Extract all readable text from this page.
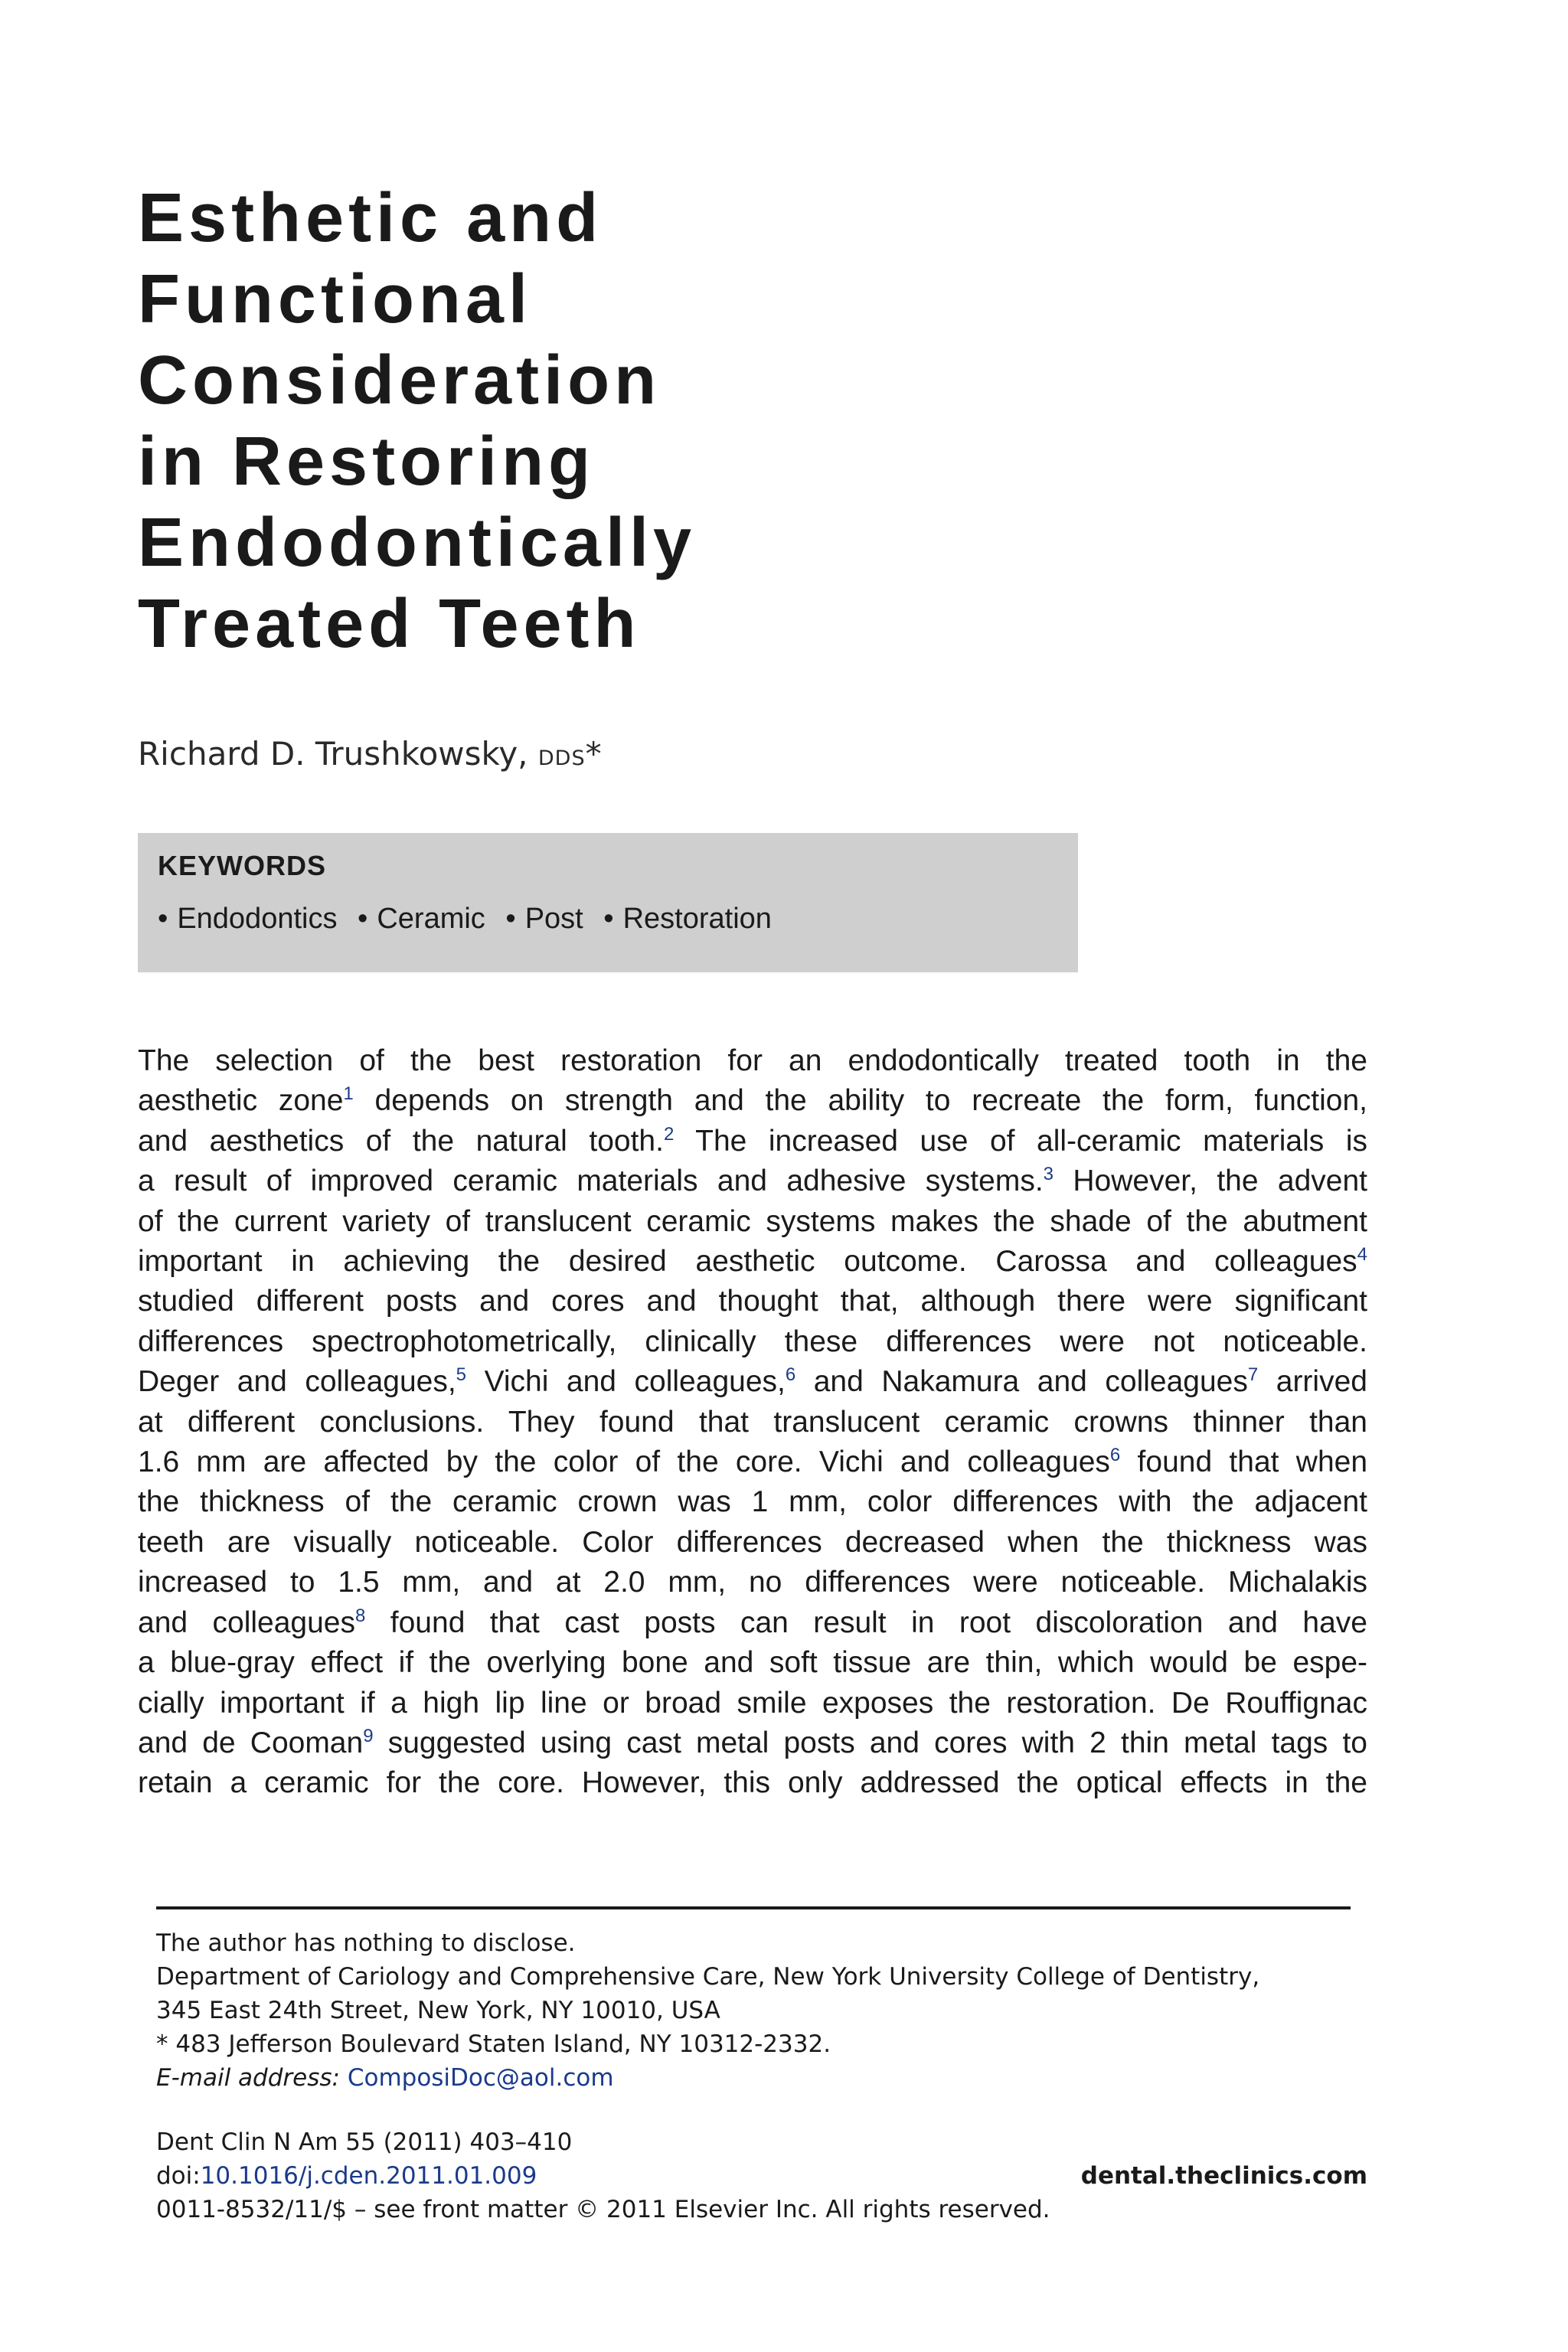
Esthetic and
Functional
Consideration
in Restoring
Endodontically
Treated Teeth
Richard D. Trushkowsky, DDS*
KEYWORDS
• Endodontics • Ceramic • Post • Restoration
The selection of the best restoration for an endodontically treated tooth in the
aesthetic zone$^1$ depends on strength and the ability to recreate the form, function,
and aesthetics of the natural tooth.$^2$ The increased use of all-ceramic materials is
a result of improved ceramic materials and adhesive systems.$^3$ However, the advent
of the current variety of translucent ceramic systems makes the shade of the abutment
important in achieving the desired aesthetic outcome. Carossa and colleagues$^4$
studied different posts and cores and thought that, although there were significant
differences spectrophotometrically, clinically these differences were not noticeable.
Deger and colleagues,$^5$ Vichi and colleagues,$^6$ and Nakamura and colleagues$^7$ arrived
at different conclusions. They found that translucent ceramic crowns thinner than
1.6 mm are affected by the color of the core. Vichi and colleagues$^6$ found that when
the thickness of the ceramic crown was 1 mm, color differences with the adjacent
teeth are visually noticeable. Color differences decreased when the thickness was
increased to 1.5 mm, and at 2.0 mm, no differences were noticeable. Michalakis
and colleagues$^8$ found that cast posts can result in root discoloration and have
a blue-gray effect if the overlying bone and soft tissue are thin, which would be espe-
cially important if a high lip line or broad smile exposes the restoration. De Rouffignac
and de Cooman$^9$ suggested using cast metal posts and cores with 2 thin metal tags to
retain a ceramic for the core. However, this only addressed the optical effects in the
The author has nothing to disclose.
Department of Cariology and Comprehensive Care, New York University College of Dentistry,
345 East 24th Street, New York, NY 10010, USA
* 483 Jefferson Boulevard Staten Island, NY 10312-2332.
E-mail address: ComposiDoc@aol.com
Dent Clin N Am 55 (2011) 403–410
doi:10.1016/j.cden.2011.01.009
0011-8532/11/$ – see front matter © 2011 Elsevier Inc. All rights reserved.
dental.theclinics.com
